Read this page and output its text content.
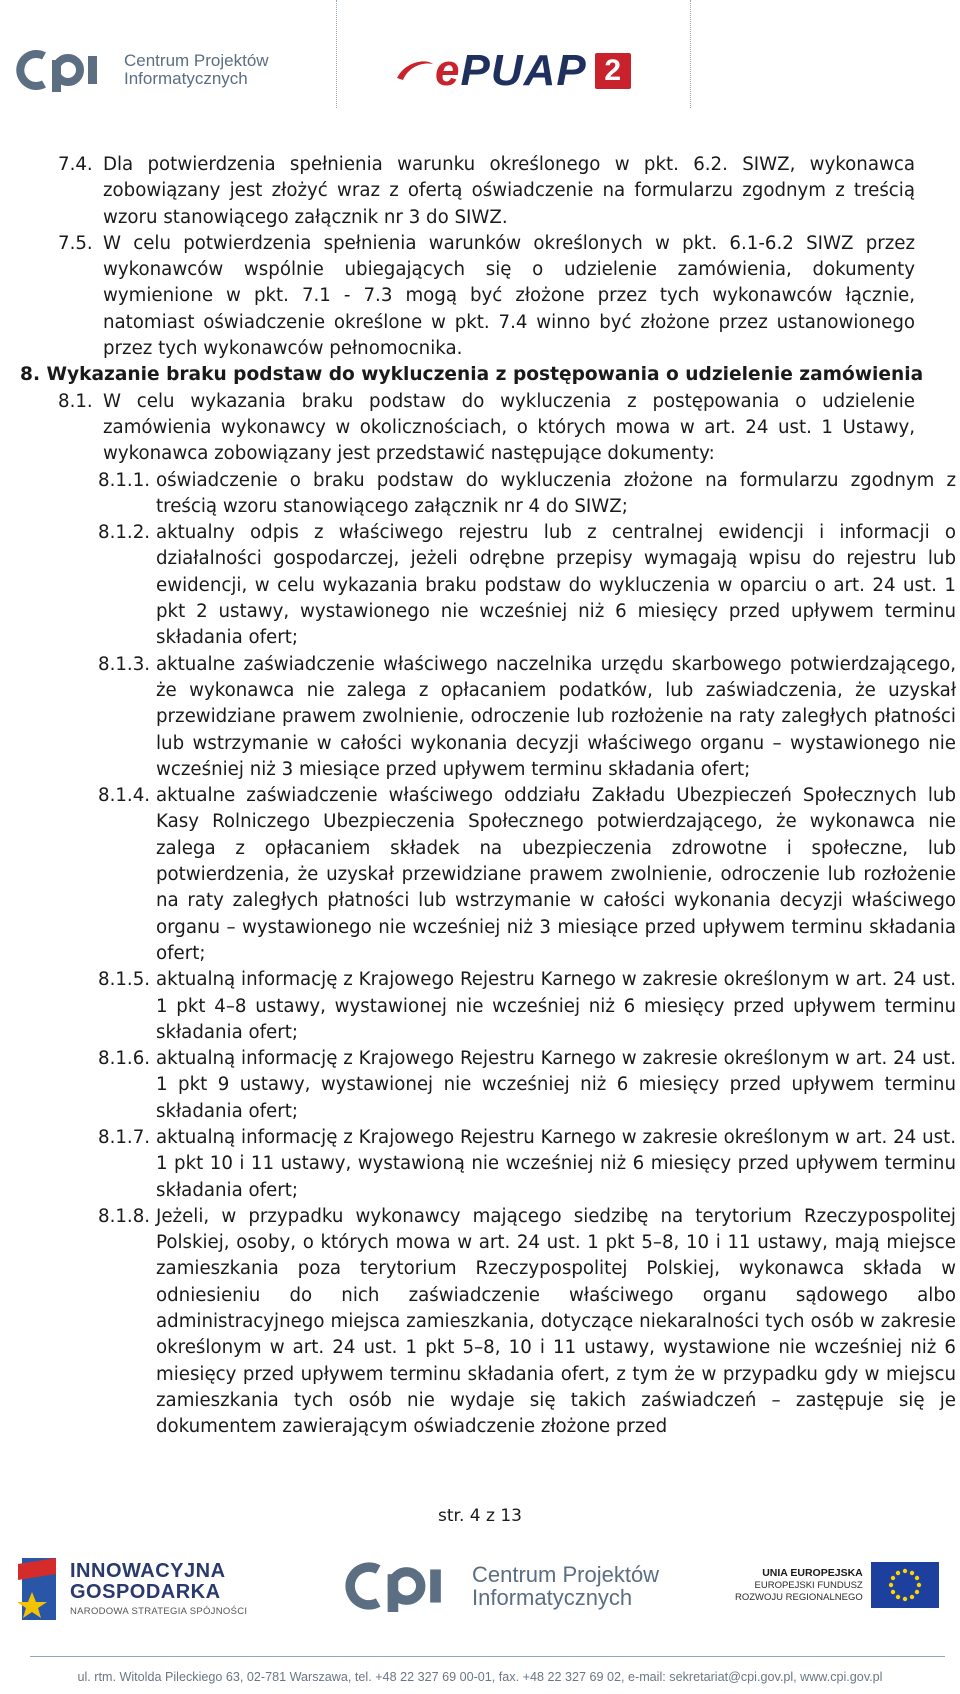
Centrum Projektów
Informatycznych	ePUAP 2
7.4. Dla potwierdzenia spełnienia warunku określonego w pkt. 6.2. SIWZ, wykonawca zobowiązany jest złożyć wraz z ofertą oświadczenie na formularzu zgodnym z treścią wzoru stanowiącego załącznik nr 3 do SIWZ.
7.5. W celu potwierdzenia spełnienia warunków określonych w pkt. 6.1-6.2 SIWZ przez wykonawców wspólnie ubiegających się o udzielenie zamówienia, dokumenty wymienione w pkt. 7.1 - 7.3 mogą być złożone przez tych wykonawców łącznie, natomiast oświadczenie określone w pkt. 7.4 winno być złożone przez ustanowionego przez tych wykonawców pełnomocnika.
8. Wykazanie braku podstaw do wykluczenia z postępowania o udzielenie zamówienia
8.1. W celu wykazania braku podstaw do wykluczenia z postępowania o udzielenie zamówienia wykonawcy w okolicznościach, o których mowa w art. 24 ust. 1 Ustawy, wykonawca zobowiązany jest przedstawić następujące dokumenty:
8.1.1. oświadczenie o braku podstaw do wykluczenia złożone na formularzu zgodnym z treścią wzoru stanowiącego załącznik nr 4 do SIWZ;
8.1.2. aktualny odpis z właściwego rejestru lub z centralnej ewidencji i informacji o działalności gospodarczej, jeżeli odrębne przepisy wymagają wpisu do rejestru lub ewidencji, w celu wykazania braku podstaw do wykluczenia w oparciu o art. 24 ust. 1 pkt 2 ustawy, wystawionego nie wcześniej niż 6 miesięcy przed upływem terminu składania ofert;
8.1.3. aktualne zaświadczenie właściwego naczelnika urzędu skarbowego potwierdzającego, że wykonawca nie zalega z opłacaniem podatków, lub zaświadczenia, że uzyskał przewidziane prawem zwolnienie, odroczenie lub rozłożenie na raty zaległych płatności lub wstrzymanie w całości wykonania decyzji właściwego organu – wystawionego nie wcześniej niż 3 miesiące przed upływem terminu składania ofert;
8.1.4. aktualne zaświadczenie właściwego oddziału Zakładu Ubezpieczeń Społecznych lub Kasy Rolniczego Ubezpieczenia Społecznego potwierdzającego, że wykonawca nie zalega z opłacaniem składek na ubezpieczenia zdrowotne i społeczne, lub potwierdzenia, że uzyskał przewidziane prawem zwolnienie, odroczenie lub rozłożenie na raty zaległych płatności lub wstrzymanie w całości wykonania decyzji właściwego organu – wystawionego nie wcześniej niż 3 miesiące przed upływem terminu składania ofert;
8.1.5. aktualną informację z Krajowego Rejestru Karnego w zakresie określonym w art. 24 ust. 1 pkt 4–8 ustawy, wystawionej nie wcześniej niż 6 miesięcy przed upływem terminu składania ofert;
8.1.6. aktualną informację z Krajowego Rejestru Karnego w zakresie określonym w art. 24 ust. 1 pkt 9 ustawy, wystawionej nie wcześniej niż 6 miesięcy przed upływem terminu składania ofert;
8.1.7. aktualną informację z Krajowego Rejestru Karnego w zakresie określonym w art. 24 ust. 1 pkt 10 i 11 ustawy, wystawioną nie wcześniej niż 6 miesięcy przed upływem terminu składania ofert;
8.1.8. Jeżeli, w przypadku wykonawcy mającego siedzibę na terytorium Rzeczypospolitej Polskiej, osoby, o których mowa w art. 24 ust. 1 pkt 5–8, 10 i 11 ustawy, mają miejsce zamieszkania poza terytorium Rzeczypospolitej Polskiej, wykonawca składa w odniesieniu do nich zaświadczenie właściwego organu sądowego albo administracyjnego miejsca zamieszkania, dotyczące niekaralności tych osób w zakresie określonym w art. 24 ust. 1 pkt 5–8, 10 i 11 ustawy, wystawione nie wcześniej niż 6 miesięcy przed upływem terminu składania ofert, z tym że w przypadku gdy w miejscu zamieszkania tych osób nie wydaje się takich zaświadczeń – zastępuje się je dokumentem zawierającym oświadczenie złożone przed
str. 4 z 13
INNOWACYJNA
GOSPODARKA
NARODOWA STRATEGIA SPÓJNOŚCI
Centrum Projektów
Informatycznych
UNIA EUROPEJSKA
EUROPEJSKI FUNDUSZ
ROZWOJU REGIONALNEGO
ul. rtm. Witolda Pileckiego 63, 02-781 Warszawa, tel. +48 22 327 69 00-01, fax. +48 22 327 69 02, e-mail: sekretariat@cpi.gov.pl, www.cpi.gov.pl
